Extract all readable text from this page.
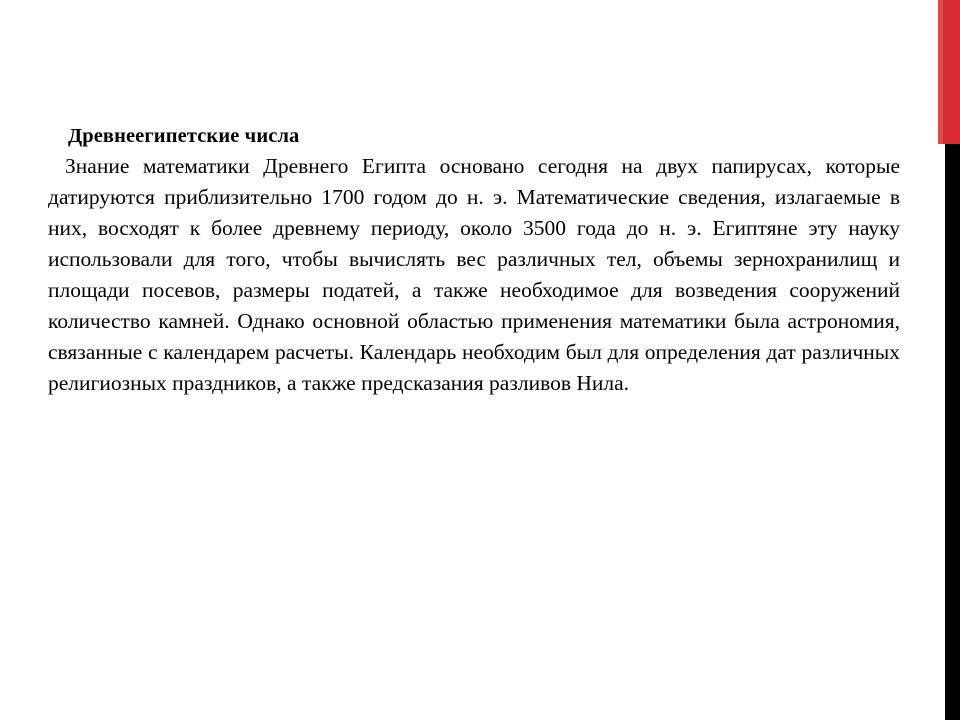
Древнеегипетские числа

Знание математики Древнего Египта основано сегодня на двух папирусах, которые датируются приблизительно 1700 годом до н. э. Математические сведения, излагаемые в них, восходят к более древнему периоду, около 3500 года до н. э. Египтяне эту науку использовали для того, чтобы вычислять вес различных тел, объемы зернохранилищ и площади посевов, размеры податей, а также необходимое для возведения сооружений количество камней. Однако основной областью применения математики была астрономия, связанные с календарем расчеты. Календарь необходим был для определения дат различных религиозных праздников, а также предсказания разливов Нила.
